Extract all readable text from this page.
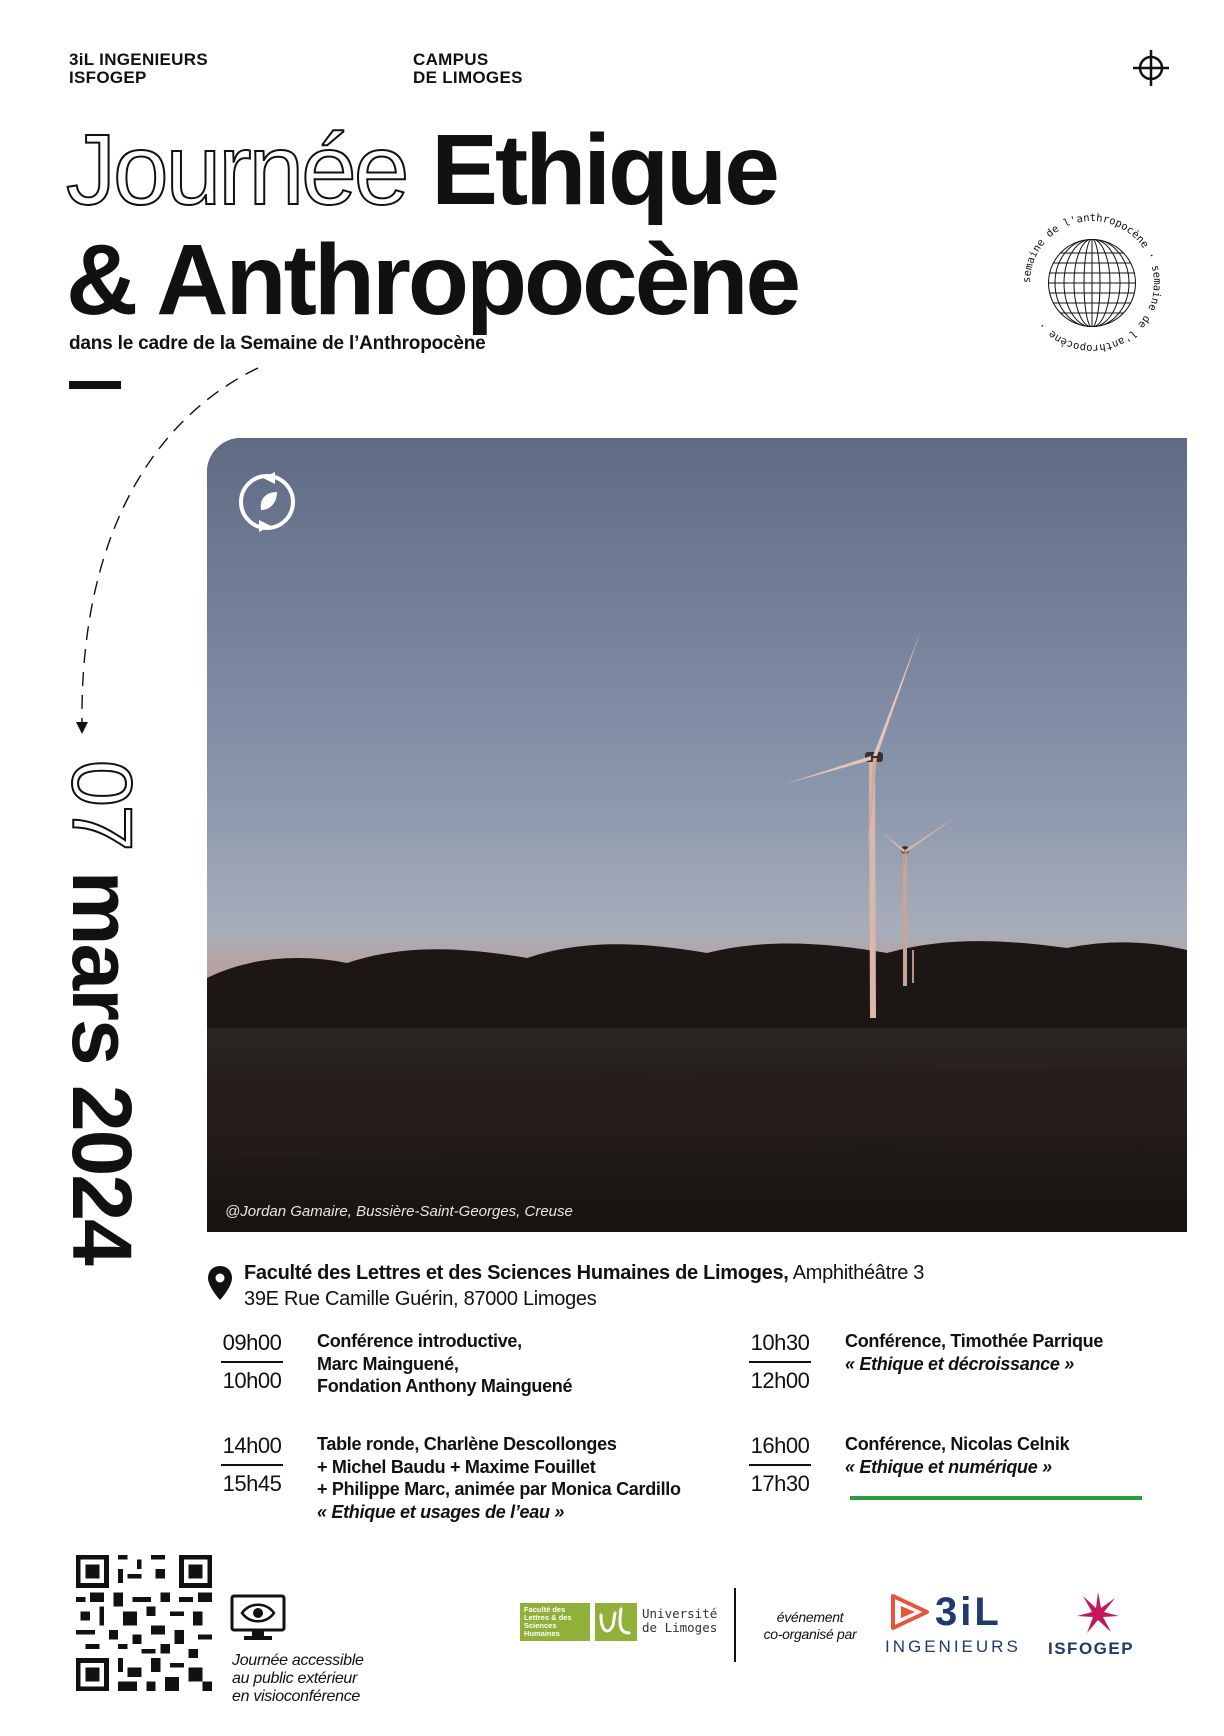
3iL INGENIEURS
ISFOGEP
CAMPUS
DE LIMOGES
Journée Ethique
& Anthropocène
dans le cadre de la Semaine de l’Anthropocène
semaine de l'anthropocène · semaine de l'anthropocène ·
07 mars 2024	@Jordan Gamaire, Bussière-Saint-Georges, Creuse
Faculté des Lettres et des Sciences Humaines de Limoges, Amphithéâtre 3
39E Rue Camille Guérin, 87000 Limoges
09h00
10h00
Conférence introductive,
Marc Mainguené,
Fondation Anthony Mainguené
10h30
12h00
Conférence, Timothée Parrique
« Ethique et décroissance »
14h00
15h45
Table ronde, Charlène Descollonges
+ Michel Baudu + Maxime Fouillet
+ Philippe Marc, animée par Monica Cardillo
« Ethique et usages de l’eau »
16h00
17h30
Conférence, Nicolas Celnik
« Ethique et numérique »
Journée accessible
au public extérieur
en visioconférence
Faculté des Lettres & des Sciences Humaines
Université
de Limoges
événement
co-organisé par 3iL
INGENIEURS ISFOGEP
